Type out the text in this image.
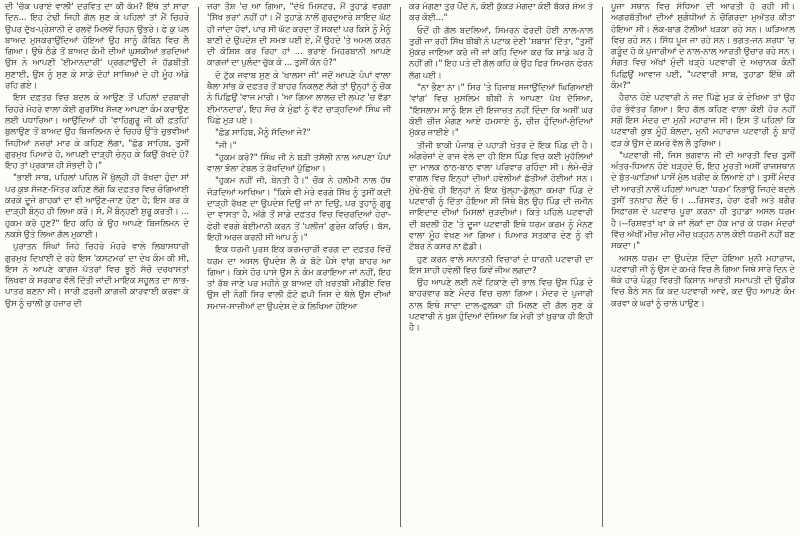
ਦੀ 'ਚੱਕ ਪਰਾਏ ਵਾਲੀ' ਦਰਵਿਤ ਦਾ ਕੀ ਕੰਮ? ਇੱਥੇ ਤਾਂ ਸਾਰਾ ਦਿਨ... ਇਹ ਟੇਢੀ ਜਿਹੀ ਗੱਲ ਸੁਣ ਕੇ ਪਹਿਲਾਂ ਤਾਂ ਮੈਂ ਚਿਹਰੇ ਉਪਰ ਦੁੱਖ-ਪ੍ਰੇਸ਼ਾਨੀ ਦੇ ਰਲਵੇਂ ਮਿਲਵੇਂ ਚਿਹਨ ਉਭਰੇ। ਫੇ ਕੁ ਪਲ ਬਾਅਦ ਮੁਸਕਰਾਉਂਦਿਆਂ ਹੋਇਆਂ ਉਹ ਸਾਨੂੰ ਕੈਬਿਨ ਵਿਚ ਲੈ ਗਿਆ। ਉਥੇ ਠੰਡੇ ਤੋਂ ਬਾਅਦ ਕੰਮੀ ਦੀਆਂ ਘੁਸਕੀਆਂ ਭਰਦਿਆਂ ਉਸ ਨੇ ਆਪਣੀ 'ਈਮਾਨਦਾਰੀ' ਪ੍ਰਗਟਾਉਂਦੀ ਜੋ ਹੱਡਬੀਤੀ ਸੁਣਾਈ, ਉਸ ਨੂੰ ਸੁਣ ਕੇ ਸਾਡੇ ਦੋਹਾਂ ਸਾਥਿਆਂ ਦੇ ਹੀ ਮੂੰਹ ਅੱਡੇ ਰਹਿ ਗਏ।

ਇਸ ਦਫ਼ਤਰ ਵਿਚ ਬਦਲ ਕੇ ਆਉਣ ਤੋਂ ਪਹਿਲਾਂ ਦਰਬਾਰੀ ਚਿਹਰੇ ਮੋਹਰੇ ਵਾਲਾ ਕੋਈ ਗੁਰਸਿੱਖ ਸੱਜਣ ਆਪਣਾ ਕੰਮ ਕਰਾਉਣ ਲਈ ਪਧਾਰਿਆ। ਆਉਂਦਿਆਂ ਹੀ 'ਵਾਹਿਗੁਰੂ ਜੀ ਕੀ ਫ਼ਤਹਿ' ਬੁਲਾਉਣ ਤੋਂ ਬਾਅਦ ਉਹ ਬਿਜਲਿਮਨ ਦੇ ਚਿਹਰੇ ਉੱਤੇ ਚੁਭਵੀਆਂ ਜਿਹੀਆਂ ਨਜ਼ਰਾਂ ਮਾਰ ਕੇ ਕਹਿਣ ਲੱਗਾ, "ਛੋਡ ਸਾਹਿਬ, ਤੁਸੀਂ ਗੁਰਮੁਖ ਪਿਆਰੇ ਹੋ, ਆਪਣੀ ਦਾੜ੍ਹੀ ਚੇਨ੍ਹ ਕੇ ਕਿਉਂ ਰੱਖਦੇ ਹੋ? ਇਹ ਤਾਂ ਪ੍ਰਕਾਸ਼ ਹੀ ਸੋਭਦੀ ਹੈ।"

"ਭਾਈ ਸਾਬ, ਪਹਿਲਾਂ ਪਹਿਲ ਮੈਂ ਖੁੱਲ੍ਹੀ ਹੀ ਰੱਖਦਾ ਹੁੰਦਾ ਸਾਂ ਪਰ ਕੁਝ ਸੱਜਣ-ਮਿੱਤਰ ਕਹਿਣ ਲੱਗੇ ਕਿ ਦਫ਼ਤਰ ਵਿਚ ਚੰਗਿਆਈ ਕਰਕੇ ਦੂਜੇ ਗਾਹਕਾਂ ਦਾ ਵੀ ਆਉਣ-ਜਾਣ ਹੋਣਾ ਹੈ; ਇਸ ਕਰ ਕੇ ਦਾੜ੍ਹੀ ਬੰਨ੍ਹ ਹੀ ਲਿਆ ਕਰੋ। ਸੋ, ਮੈਂ ਬੰਨ੍ਹਣੀ ਸ਼ੁਰੂ ਕਰਤੀ। ... ਹੁਕਮ ਕਰੋ ਹੁਣ?" ਇਹ ਕਹਿ ਕੇ ਉਹ ਆਪਣੇ ਬਿਜਲਿਮਨ ਦੇ ਨਕਸ਼ੇ ਉਤੇ ਲਿਆ ਗੱਲ ਮੁਕਾਈ।

ਪੁਰਾਤਨ ਸਿੰਘਾਂ ਜਿਹੇ ਚਿਹਰੇ ਮੋਹਰੇ ਵਾਲੇ ਲਿਬਾਸਧਾਰੀ ਗੁਰਮੁਖ ਦਿਖਾਈ ਦੇ ਰਹੇ ਇਸ 'ਕਸਟਮਰ' ਦਾ ਦੇਖ ਕੰਮ ਕੀ ਸੀ, ਇਸ ਨੇ ਆਪਣੇ ਕਾਗਜ਼ ਪੱਤਰਾਂ ਵਿਚ ਝੂਠੋ ਸੱਚੋ ਦਰਖਾਸਤਾਂ ਲਿਖਵਾ ਕੇ ਸਰਕਾਰ ਵੱਲੋਂ ਦਿੱਤੀ ਜਾਂਦੀ ਮਾਇਕ ਸਹੂਲਤ ਦਾ ਲਾਭ-ਪਾਤਰ ਬਣਨਾ ਸੀ। ਸਾਰੀ ਫ਼ਰਜ਼ੀ ਕਾਗਜ਼ੀ ਕਾਰਵਾਈ ਕਰਵਾ ਕੇ ਉਸ ਨੂੰ ਚਾਲੀ ਕੁ ਹਜ਼ਾਰ ਦੀ

ਜ਼ਰਾ ਤੈਸ਼ 'ਚ ਆ ਗਿਆ, "ਦੇਖੋ ਮਿਸਟਰ, ਮੈਂ ਤੁਹਾਡੇ ਵਰਗਾ 'ਸਿੱਖ ਭਰਾ' ਨਹੀਂ ਹਾਂ। ਮੈਂ ਤੁਹਾਡੇ ਨਾਲੋਂ ਗੁਰਦੁਆਰੇ ਸ਼ਾਇਦ ਘੱਟ ਹੀ ਜਾਂਦਾ ਹੋਵਾਂ, ਪਾਰ ਸੀ ਘੱਟ ਕਰਦਾ ਤੋਂ ਸਕਦਾਂ ਪਰ ਕਿਸੇ ਨੂੰ ਮੈਨੂੰ ਬਾਣੀ ਦੇ ਉਪਦੇਸ਼ ਦੀ ਸਮਝ ਪਈ ਏ, ਮੈਂ ਉਹਦੇ 'ਤੇ ਅਮਲ ਕਰਨ ਦੀ ਕੋਸ਼ਿਸ਼ ਕਰ ਰਿਹਾ ਹਾਂ ... ਭਰਾਏ ਮਿਹਰਬਾਨੀ ਆਪਣੇ ਕਾਗਜ਼ਾਂ ਦਾ ਪੁਲੰਦਾ ਚੁੱਕ ਕੇ ... ਤੁਸੀਂ ਕੋਨ ਹੋ?"

ਦੋ ਟੁੱਕ ਜਵਾਬ ਸੁਣ ਕੇ 'ਖਾਲਸਾ ਜੀ' ਜਦੋਂ ਆਪਣੇ ਪੰਪਾਂ ਵਾਲਾ ਥੈਲਾ ਸਾਂਭ ਕੇ ਦਫ਼ਤਰ ਤੋਂ ਬਾਹਰ ਨਿਕਲਣ ਲੱਗੇ ਤਾਂ ਉਨ੍ਹਾਂ ਨੂੰ ਚੌਕ ਨੇ ਪਿਛਿਉਂ 'ਵਾਜ ਮਾਰੀ। 'ਆ ਗਿਆ ਲਾਲਚ ਦੀ ਲਪੇਟ 'ਚ ਵੱਡਾ ਈਮਾਨਦਾਰ', ਇਹ ਸੋਚ ਕੇ ਮੁੰਛਾਂ ਨੂੰ ਵੱਟ ਚਾੜ੍ਹਦਿਆਂ ਸਿੰਘ ਜੀ ਪਿੱਛੇ ਮੁੜ ਪਏ।

"ਛੋਡ ਸਾਹਿਬ, ਮੈਨੂੰ ਸੱਦਿਆ ਜੇ?"

"ਜੀ।"

"ਹੁਕਮ ਕਰੋ?" ਸਿੰਘ ਜੀ ਨੇ ਬੜੀ ਤਸੱਲੀ ਨਾਲ ਆਪਣਾ ਪੰਪਾਂ ਵਾਲਾ ਝੋਲਾ ਟੇਬਲ ਤੇ ਰੱਖਦਿਆਂ ਪੁੱਛਿਆ।

"ਹੁਕਮ ਨਹੀਂ ਜੀ, ਬੇਨਤੀ ਹੈ।" ਚੌਕ ਨੇ ਹਲੀਮੀ ਨਾਲ ਹੱਥ ਜੋੜਦਿਆਂ ਆਖਿਆ। "ਕਿਸੇ ਵੀ ਮੇਰੇ ਵਰਗੇ ਸਿੱਖ ਨੂੰ ਤੁਸੀਂ ਕਦੀ ਦਾੜ੍ਹੀ ਰੱਖਣ ਦਾ ਉਪਦੇਸ਼ ਦਿਉ ਜਾਂ ਨਾ ਦਿਉ, ਪਰ ਤੁਹਾਨੂੰ ਗੁਰੂ ਦਾ ਵਾਸਤਾ ਹੈ, ਅੱਗੇ ਤੋਂ ਸਾਡੇ ਦਫ਼ਤਰ ਵਿਚ ਵਿਚਰਦਿਆਂ ਹੇਰਾ-ਫੇਰੀ ਵਰਗੇ ਬੇਈਮਾਨੀ ਕਰਨ ਤੋਂ 'ਪਲੀਜ਼' ਗੁਰੇਜ਼ ਕਰਿਓ। ਬੱਸ, ਇਹੀ ਅਰਜ਼ ਕਰਨੀ ਸੀ ਆਪ ਨੂੰ।"

ਇਕ ਧਰਮੀ ਪੁਰਸ਼ ਇਕ ਕਰਮਚਾਰੀ ਵਰਗ ਦਾ ਦਫ਼ਤਰ ਵਿਚੋਂ ਧਰਮ ਦਾ ਅਸਲ ਉਪਦੇਸ਼ ਲੈ ਕੇ ਬੋਟੇ ਪੈਸੇ ਵਾਂਗ ਬਾਹਰ ਆ ਗਿਆ। ਕਿਸੇ ਹੋਰ ਪਾਸੇ ਉਸ ਨੇ ਕੰਮ ਕਰਾਇਆ ਜਾਂ ਨਹੀਂ, ਇਹ ਤਾਂ ਰੱਬ ਜਾਣੇ ਪਰ ਮਹੀਨੇ ਕੁ ਬਾਅਦ ਹੀ ਖ਼ਰਤਬੀ ਮੀਡੀਏ ਵਿਚ ਉਸ ਦੀ ਨੰਗੀ ਸਿਰ ਵਾਲੀ ਫ਼ੋਟੋ ਛਪੀ ਜਿਸ ਦੇ ਥੱਲੇ ਉਸ ਦੀਆਂ ਸਮਾਜ-ਸਾਜ਼ੀਆਂ ਦਾ ਉਪਦੇਸ਼ ਦੇ ਕੇ ਲਿਖਿਆ ਹੋਇਆ

ਕਰ ਮੰਗਣਾ ਤੁਰ ਪੌਂਦੇ ਨੇ, ਕੋਈ ਕੁੱਕੜ ਮੰਗਦਾ ਕੋਈ ਬੱਕਰੇ ਸ਼ੇਅ ਤੇ ਕਰ ਕੋਈ..."

ਓਦੋਂ ਹੀ ਗੱਲ ਬਦਲਿਆਂ, ਸਿਮਰਨ ਫੇਰਦੀ ਹੋਈ ਨਾਲ-ਨਾਲ ਤੁਰੀ ਜਾ ਰਹੀ ਸਿੱਖ ਬੀਬੀ ਨੇ ਪਟਾਕ ਦੇਣੀ 'ਸ਼ਬਾਸ਼' ਦਿੱਤਾ, "ਤੁਸੀਂ ਮੁੱਕਰ ਜਾਇਆ ਕਰੋ ਜੀ ਜਾਂ ਕਹਿ ਦਿਆ ਕਰ ਕਿ ਸਾਡੇ ਘਰ ਹੈ ਨਹੀਂ ਗੀ।" ਇਹ ਪਤੇ ਦੀ ਗੱਲ ਕਹਿ ਕੇ ਉਹ ਫਿਰ ਸਿਮਰਨ ਫੇਰਨ ਲੱਗ ਪਈ।

"ਨਾ ਭੈਣਾ ਨਾ।" ਸਿਰ 'ਤੇ ਹਿਜਾਬ ਸਜਾਉਂਦਿਆਂ ਘਿਗਿਆਈ 'ਵਾਂਗ' ਵਿਚ ਮੁਸਲਿਮ ਬੀਬੀ ਨੇ ਆਪਣਾ ਪੱਖ ਦੱਸਿਆ, "ਇਸਲਾਮ ਸਾਨੂੰ ਇਸ ਦੀ ਇਜਾਜ਼ਤ ਨਹੀਂ ਦਿੰਦਾ ਕਿ ਅਸੀਂ ਘਰ ਕੋਈ ਚੀਜ਼ ਮੰਗਣ ਆਏ ਹਮਸਾਏ ਨੂੰ, ਚੀਜ਼ ਹੁੰਦਿਆਂ-ਸੁੰਦਿਆਂ ਮੁੱਕਰ ਜਾਈਏ।"

ਤੀਜੀ ਝਾਕੀ ਪੰਜਾਬ ਦੇ ਪਹਾੜੀ ਖ਼ੇਤਰ ਦੇ ਇਕ ਪਿੰਡ ਦੀ ਹੈ। ਅੰਗਰੇਜ਼ਾਂ ਦੇ ਰਾਜ ਵੇਲੇ ਦਾ ਹੀ ਇਸ ਪਿੰਡ ਵਿਚ ਕਈ ਮੁਹੱਲਿਆਂ ਦਾ ਮਾਲਕ ਠਾਠ-ਬਾਠ ਵਾਲਾ ਪਰਿਵਾਰ ਰਹਿੰਦਾ ਸੀ। ਲੰਮੇ-ਚੌੜੇ ਵਾਗਲ ਵਿਚ ਇਨ੍ਹਾਂ ਦੀਆਂ ਹਵੇਲੀਆਂ ਛੱਤੀਆਂ ਹੋਈਆਂ ਸਨ। ਮੁੱਢੇ-ਸੁੱਢੇ ਹੀ ਇਨ੍ਹਾਂ ਨੇ ਇਕ ਖੁੱਲ੍ਹਾ-ਡੁੱਲ੍ਹਾ ਕਮਰਾ ਪਿੰਡ ਦੇ ਪਟਵਾਰੀ ਨੂੰ ਦਿੱਤਾ ਹੋਇਆ ਸੀ ਜਿੱਥੇ ਬੈਠ ਉਹ ਪਿੰਡ ਦੀ ਜ਼ਮੀਨ ਜਾਇਦਾਦ ਦੀਆਂ ਮਿਸਲਾਂ ਜੁੜਦੀਆਂ। ਕਿਤੇ ਪਹਿਲੇ ਪਟਵਾਰੀ ਦੀ ਬਦਲੀ ਹੋਣ 'ਤੇ ਦੂਜਾ ਪਟਵਾਰੀ ਇਥੇ ਧਰਮ ਕਰਮ ਨੂੰ ਮੰਨਣ ਵਾਲਾ ਮੂੰਹ ਵੇਖਣ ਆ ਗਿਆ। ਪਿਆਰ ਸਤਕਾਰ ਦੇਣ ਨੂੰ ਵੀ ਟੱਬਰ ਨੇ ਕਸਰ ਨਾ ਛੱਡੀ।

ਹੁਣ ਕਰਨ ਵਾਲੇ ਸਨਾਤਨੀ ਵਿਚਾਰਾਂ ਦੇ ਧਾਰਨੀ ਪਟਵਾਰੀ ਦਾ ਇਸ ਸ਼ਾਹੀ ਹਵੇਲੀ ਵਿਚ ਕਿਵੇਂ ਜੀਅ ਲਗਦਾ?

ਉਹ ਆਪਣੇ ਲਈ ਨਵੇਂ ਟਿਕਾਣੇ ਦੀ ਭਾਲ ਵਿਚ ਉਸ ਪਿੰਡ ਦੇ ਬਾਹਰਵਾਰ ਬਣੇ ਮੰਦਰ ਵਿਚ ਚਲਾ ਗਿਆ। ਮੰਦਰ ਦੇ ਪੁਜਾਰੀ ਨਾਲ ਇਥੇ ਸਾਦਾ ਦਾਲ-ਫੁਲਕਾ ਹੀ ਮਿਲਣ ਦੀ ਗੱਲ ਸੁਣ ਕੇ ਪਟਵਾਰੀ ਨੇ ਖੁਸ਼ ਹੁੰਦਿਆਂ ਦੱਸਿਆ ਕਿ ਮੇਰੀ ਤਾਂ ਖ਼ੁਰਾਕ ਹੀ ਇਹੀ ਹੈ।

ਪੂਜਾ ਸਥਾਨ ਵਿਚ ਸੰਧਿਆ ਦੀ ਆਰਤੀ ਹੋ ਰਹੀ ਸੀ। ਅਗਰਬੱਤੀਆਂ ਦੀਆਂ ਸੁਗੰਧੀਆਂ ਨੇ ਚੌਗਿਰਦਾ ਮੁਅੱਤਰ ਕੀਤਾ ਹੋਇਆ ਸੀ। ਲੋਕ-ਬਾਗ ਟੱਲੀਆਂ ਖੜਕਾ ਰਹੇ ਸਨ। ਘੜਿਆਲ ਵਿਚ ਰਹੇ ਸਨ। ਸਿੱਧ ਪੂਜ ਜਾ ਰਹੇ ਸਨ। ਭਗਤ-ਜਨ ਸ਼ਰਧਾ 'ਚ ਗੜੂੰਦ ਹੋ ਕੇ ਪੁਜਾਰੀਆਂ ਦੇ ਨਾਲ-ਨਾਲ ਆਰਤੀ ਉਚਾਰ ਰਹੇ ਸਨ। ਸੰਗਤ ਵਿਚ ਅੱਖਾਂ ਮੁੰਦੀ ਖੜ੍ਹੇ ਪਟਵਾਰੀ ਦੇ ਅਚਾਨਕ ਕੰਨੀਂ ਪਿਛਿਉਂ ਆਵਾਜ਼ ਪਈ, "ਪਟਵਾਰੀ ਸਾਬ, ਤੁਹਾਡਾ ਇੱਥੇ ਕੀ ਕੰਮ?"

ਹੈਰਾਨ ਹੋਏ ਪਟਵਾਰੀ ਨੇ ਜਦ ਪਿੱਛੇ ਮੁੜ ਕੇ ਦੇਖਿਆ ਤਾਂ ਉਹ ਹੋਰ ਭੰਵੱਤਰ ਗਿਆ। ਇਹ ਗੱਲ ਕਹਿਣ ਵਾਲਾ ਕੋਈ ਹੋਰ ਨਹੀਂ ਸਗੋਂ ਇਸ ਮੰਦਰ ਦਾ ਮੁਨੀ ਮਹਾਰਾਜ ਸੀ। ਇਸ ਤੋਂ ਪਹਿਲਾਂ ਕਿ ਪਟਵਾਰੀ ਕੁਝ ਮੂੰਹੋਂ ਬੋਲਦਾ, ਮੁਨੀ ਮਹਾਰਾਜ ਪਟਵਾਰੀ ਨੂੰ ਬਾਹੋਂ ਫੜ ਕੇ ਉਸ ਦੇ ਕਮਰੇ ਵੱਲ ਲੈ ਤੁਰਿਆ।

"ਪਟਵਾਰੀ ਜੀ, ਜਿਸ ਭਗਵਾਨ ਜੀ ਦੀ ਆਰਤੀ ਵਿਚ ਤੁਸੀਂ ਅੰਤਰ-ਧਿਆਨ ਹੋਏ ਖੜ੍ਹਦੇ ਓ, ਇਹ ਮੂਰਤੀ ਅਸੀਂ ਰਾਜਸਥਾਨ ਦੇ ਬੁੱਤ-ਘਾੜਿਆਂ ਪਾਸੋਂ ਮੁੱਲ ਖਰੀਦ ਕੇ ਲਿਆਏ ਹਾਂ। ਤੁਸੀਂ ਮੰਦਰ ਦੀ ਆਰਤੀ ਨਾਲੋਂ ਪਹਿਲਾਂ ਆਪਣਾ 'ਧਰਮ' ਨਿਭਾਉ ਜਿਹਦੇ ਬਦਲੇ ਤੁਸੀਂ ਤਨਖ਼ਾਹ ਲੈਂਦੇ ਓ। ...ਰਿਸਵਤ, ਹੇਰਾ ਫੇਰੀ ਅਤੇ ਬਗੈਰ ਸਿਫ਼ਾਰਸ਼ ਦੇ ਪਟਵਾਰ ਪੂਰਾ ਕਰਨਾ ਹੀ ਤੁਹਾਡਾ ਅਸਲ ਧਰਮ ਹੈ।--ਰਿਸ਼ਵਤਾਂ ਖਾ ਕੇ ਜਾਂ ਲੋਕਾਂ ਦਾ ਹੱਕ ਮਾਰ ਕੇ ਧਰਮ ਮੰਦਰਾਂ ਵਿੱਚ ਅੱਖੀਂ ਮੀਚ ਮੀਚ ਮੀਚ ਖੜ੍ਹਨ ਨਾਲ ਕੋਈ ਧਰਮੀ ਨਹੀਂ ਬਣ ਸਕਦਾ।"

ਅਸਲ ਧਰਮ ਦਾ ਉਪਦੇਸ਼ ਦਿੰਦਾ ਹੋਇਆ ਮੁਨੀ ਮਹਾਰਾਜ, ਪਟਵਾਰੀ ਜੀ ਨੂੰ ਉਸ ਦੇ ਕਮਰੇ ਵਿਚ ਲੈ ਗਿਆ ਜਿਥੇ ਸਾਰੇ ਦਿਨ ਦੇ ਥੱਕੇ ਹਾਰੇ ਪੰਡ੍ਹ ਵਿਰਤੀ ਕਿਸਾਨ ਆਰਤੀ ਸਮਾਪਤੀ ਦੀ ਉਡੀਕ ਵਿਚ ਬੈਠੇ ਸਨ ਕਿ ਕਦ ਪਟਵਾਰੀ ਆਵੇ, ਕਦ ਉਹ ਆਪਣੇ ਕੰਮ ਕਰਵਾ ਕੇ ਘਰਾਂ ਨੂੰ ਚਾਲੇ ਪਾਉਣ।
